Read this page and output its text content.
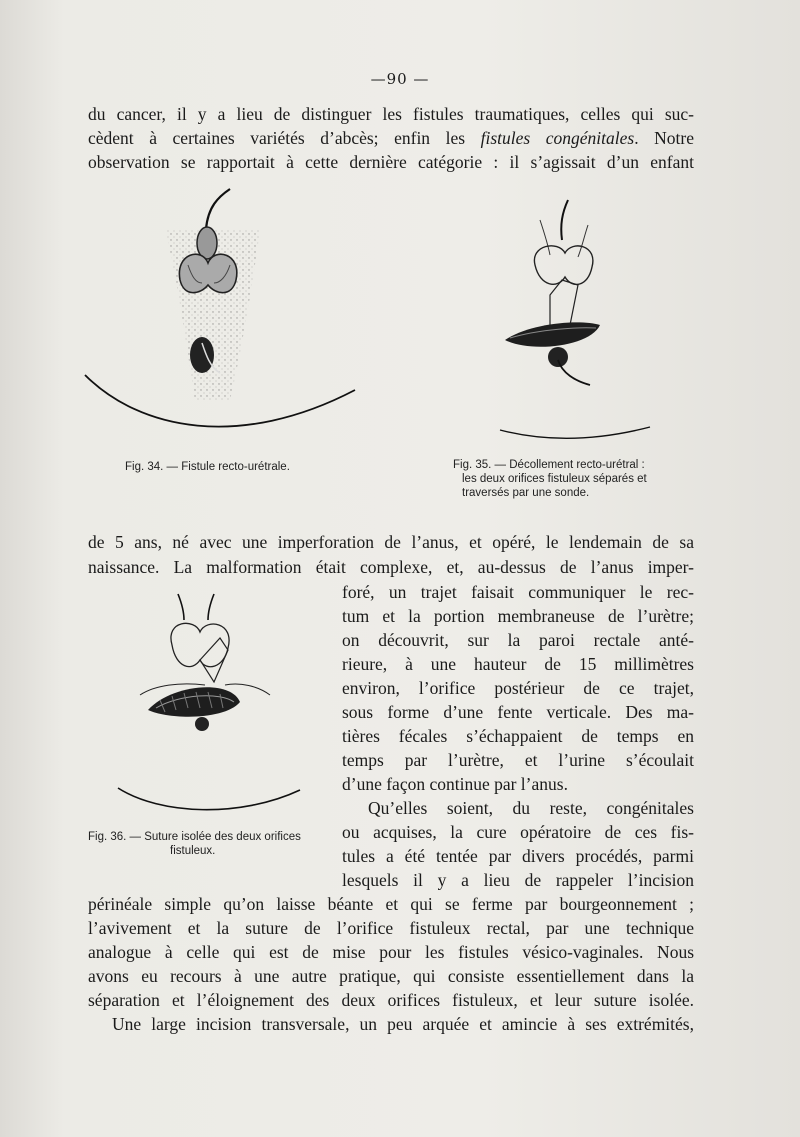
—90 —
du cancer, il y a lieu de distinguer les fistules traumatiques, celles qui suc-
cèdent à certaines variétés d’abcès; enfin les fistules congénitales. Notre
observation se rapportait à cette dernière catégorie : il s’agissait d’un enfant
Fig. 34. — Fistule recto-urétrale.	Fig. 35. — Décollement recto-urétral :
les deux orifices fistuleux séparés et
traversés par une sonde.
de 5 ans, né avec une imperforation de l’anus, et opéré, le lendemain de sa
naissance. La malformation était complexe, et, au-dessus de l’anus imper-
Fig. 36. — Suture isolée des deux orifices
fistuleux.
foré, un trajet faisait communiquer le rec-
tum et la portion membraneuse de l’urètre;
on découvrit, sur la paroi rectale anté-
rieure, à une hauteur de 15 millimètres
environ, l’orifice postérieur de ce trajet,
sous forme d’une fente verticale. Des ma-
tières fécales s’échappaient de temps en
temps par l’urètre, et l’urine s’écoulait
d’une façon continue par l’anus.
Qu’elles soient, du reste, congénitales
ou acquises, la cure opératoire de ces fis-
tules a été tentée par divers procédés, parmi
lesquels il y a lieu de rappeler l’incision
périnéale simple qu’on laisse béante et qui se ferme par bourgeonnement ;
l’avivement et la suture de l’orifice fistuleux rectal, par une technique
analogue à celle qui est de mise pour les fistules vésico-vaginales. Nous
avons eu recours à une autre pratique, qui consiste essentiellement dans la
séparation et l’éloignement des deux orifices fistuleux, et leur suture isolée.
Une large incision transversale, un peu arquée et amincie à ses extrémités,
